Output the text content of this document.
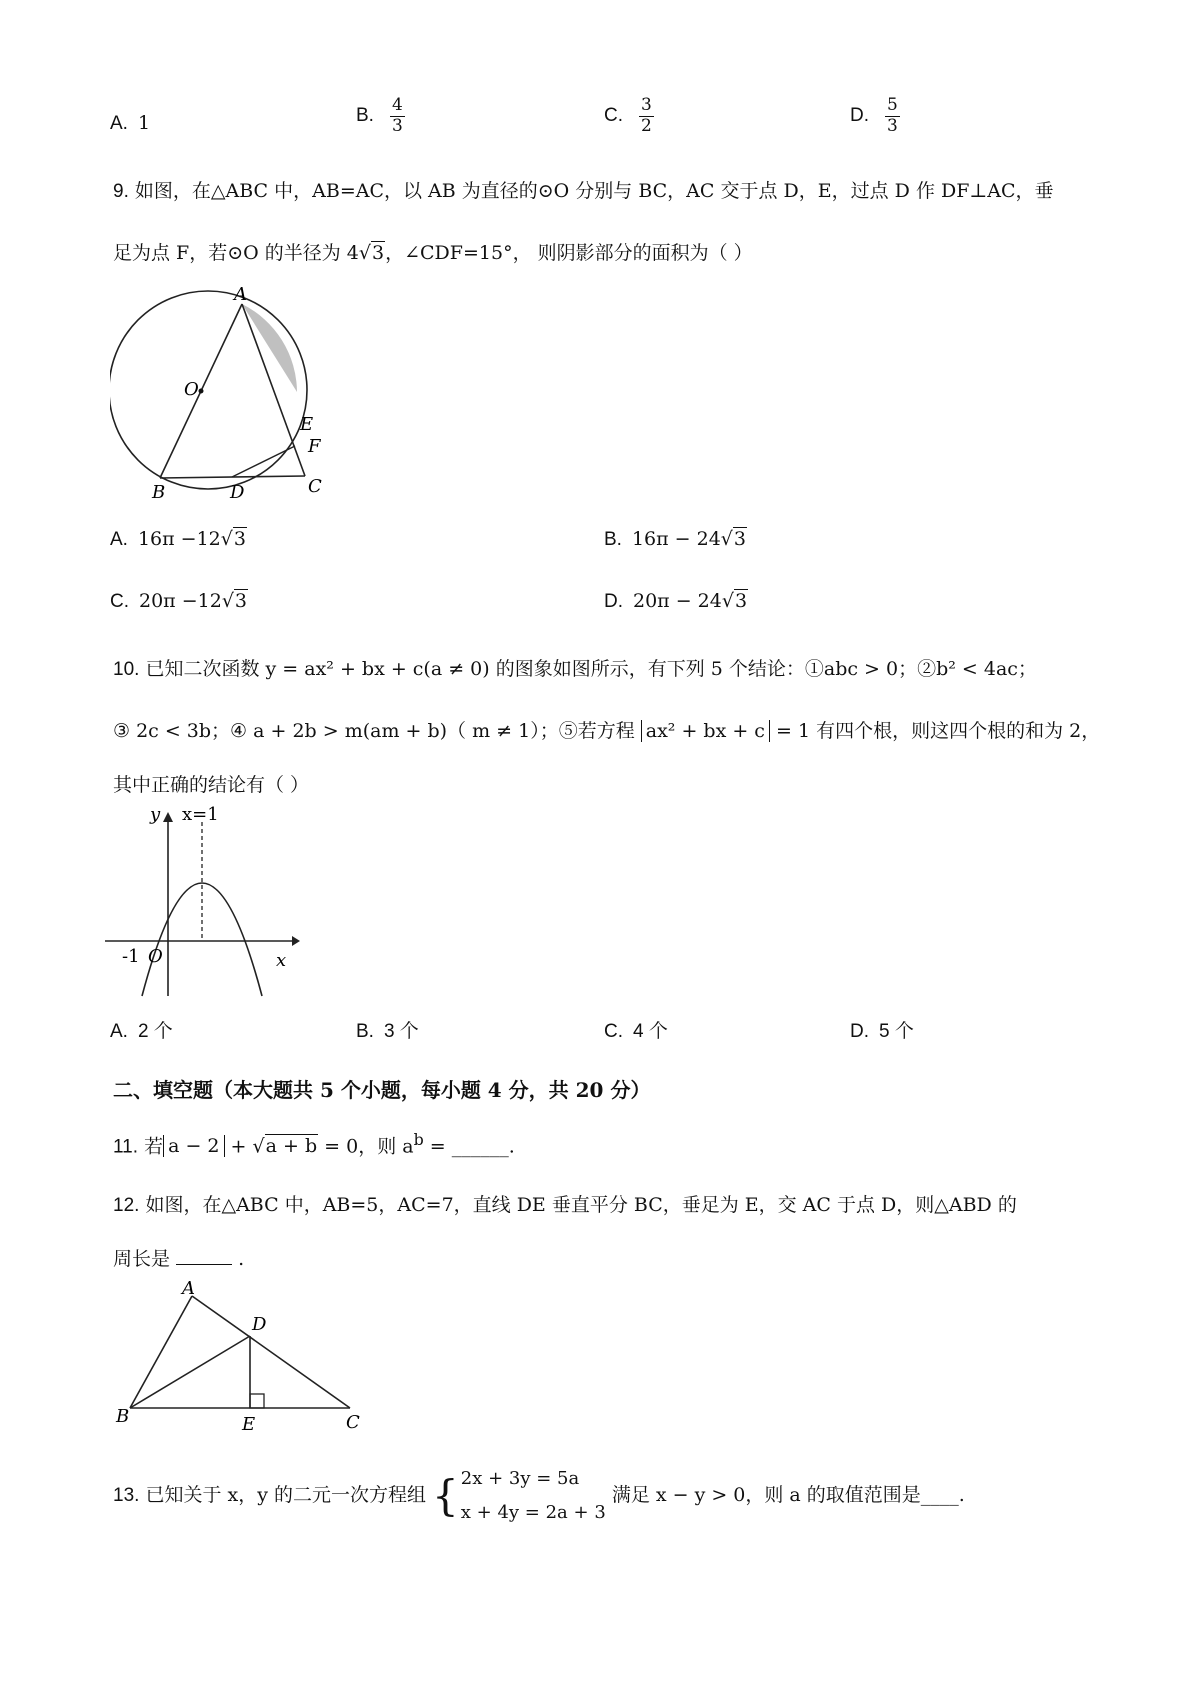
A. 1	B. $\frac{4}{3}$	C. $\frac{3}{2}$	D. $\frac{5}{3}$
9. 如图，在△ABC 中，AB=AC，以 AB 为直径的⊙O 分别与 BC，AC 交于点 D，E，过点 D 作 DF⊥AC，垂
足为点 F，若⊙O 的半径为 4√3，∠CDF=15°， 则阴影部分的面积为（ ）
A
O
E
F
B	D	C
A. 16π −12√3	B. 16π − 24√3
C. 20π −12√3	D. 20π − 24√3
10. 已知二次函数 y = ax² + bx + c(a ≠ 0) 的图象如图所示，有下列 5 个结论：①abc > 0；②b² < 4ac；
③ 2c < 3b；④ a + 2b > m(am + b)（ m ≠ 1）；⑤若方程 ax² + bx + c = 1 有四个根，则这四个根的和为 2，
其中正确的结论有（ ）
y x=1
-1 O	x
A. 2 个	B. 3 个	C. 4 个	D. 5 个
二、填空题（本大题共 5 个小题，每小题 4 分，共 20 分）
11. 若 a − 2 + √a + b = 0，则 $a^b$ = ______.
12. 如图，在△ABC 中，AB=5，AC=7，直线 DE 垂直平分 BC，垂足为 E，交 AC 于点 D，则△ABD 的
周长是	.
A
D
B	E	C
13. 已知关于 x，y 的二元一次方程组 { 2x + 3y = 5a
x + 4y = 2a + 3
满足 x − y > 0，则 a 的取值范围是____.
